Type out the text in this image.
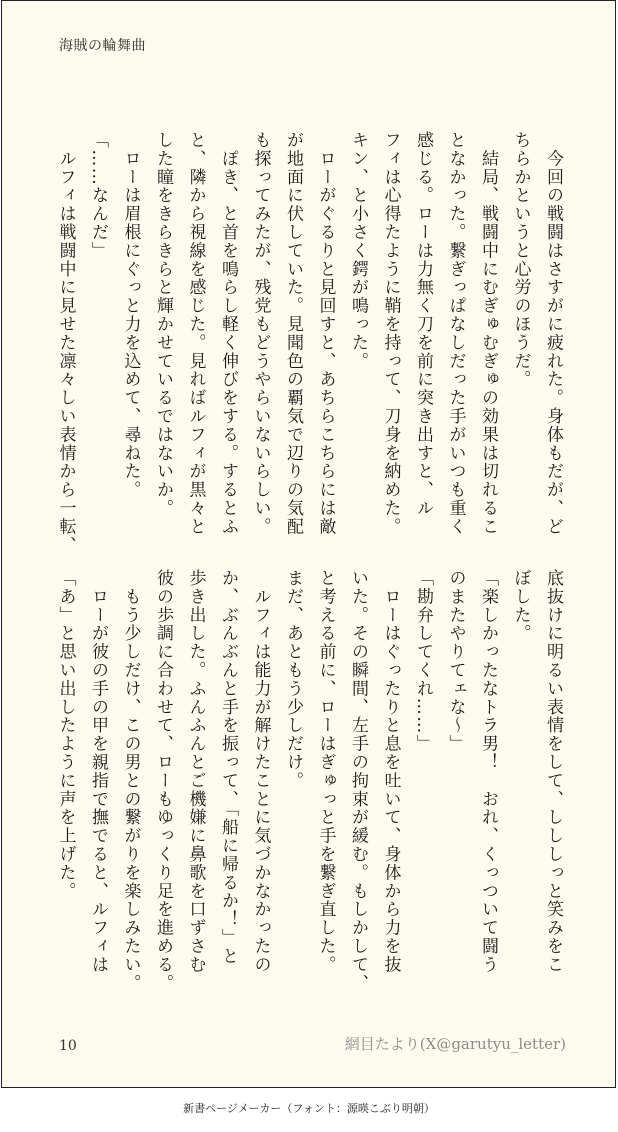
海賊の輪舞曲
　今回の戦闘はさすがに疲れた。身体もだが、ど
ちらかというと心労のほうだ。
　結局、戦闘中にむぎゅむぎゅの効果は切れるこ
となかった。繋ぎっぱなしだった手がいつも重く
感じる。ローは力無く刀を前に突き出すと、ル
フィは心得たように鞘を持って、刀身を納めた。
キン、と小さく鍔が鳴った。
　ローがぐるりと見回すと、あちらこちらには敵
が地面に伏していた。見聞色の覇気で辺りの気配
も探ってみたが、残党もどうやらいないらしい。
　ぽき、と首を鳴らし軽く伸びをする。するとふ
と、隣から視線を感じた。見ればルフィが黒々と
した瞳をきらきらと輝かせているではないか。
　ローは眉根にぐっと力を込めて、尋ねた。
「……なんだ」
　ルフィは戦闘中に見せた凛々しい表情から一転、
底抜けに明るい表情をして、しししっと笑みをこ
ぼした。
「楽しかったなトラ男！　おれ、くっついて闘う
のまたやりてェな〜」
「勘弁してくれ……」
　ローはぐったりと息を吐いて、身体から力を抜
いた。その瞬間、左手の拘束が緩む。もしかして、
と考える前に、ローはぎゅっと手を繋ぎ直した。
まだ、あともう少しだけ。
　ルフィは能力が解けたことに気づかなかったの
か、ぶんぶんと手を振って、「船に帰るか！」と
歩き出した。ふんふんとご機嫌に鼻歌を口ずさむ
彼の歩調に合わせて、ローもゆっくり足を進める。
　もう少しだけ、この男との繋がりを楽しみたい。
　ローが彼の手の甲を親指で撫でると、ルフィは
「あ」と思い出したように声を上げた。
10	網目たより(X@garutyu_letter)
新書ページメーカー（フォント：源暎こぶり明朝）
